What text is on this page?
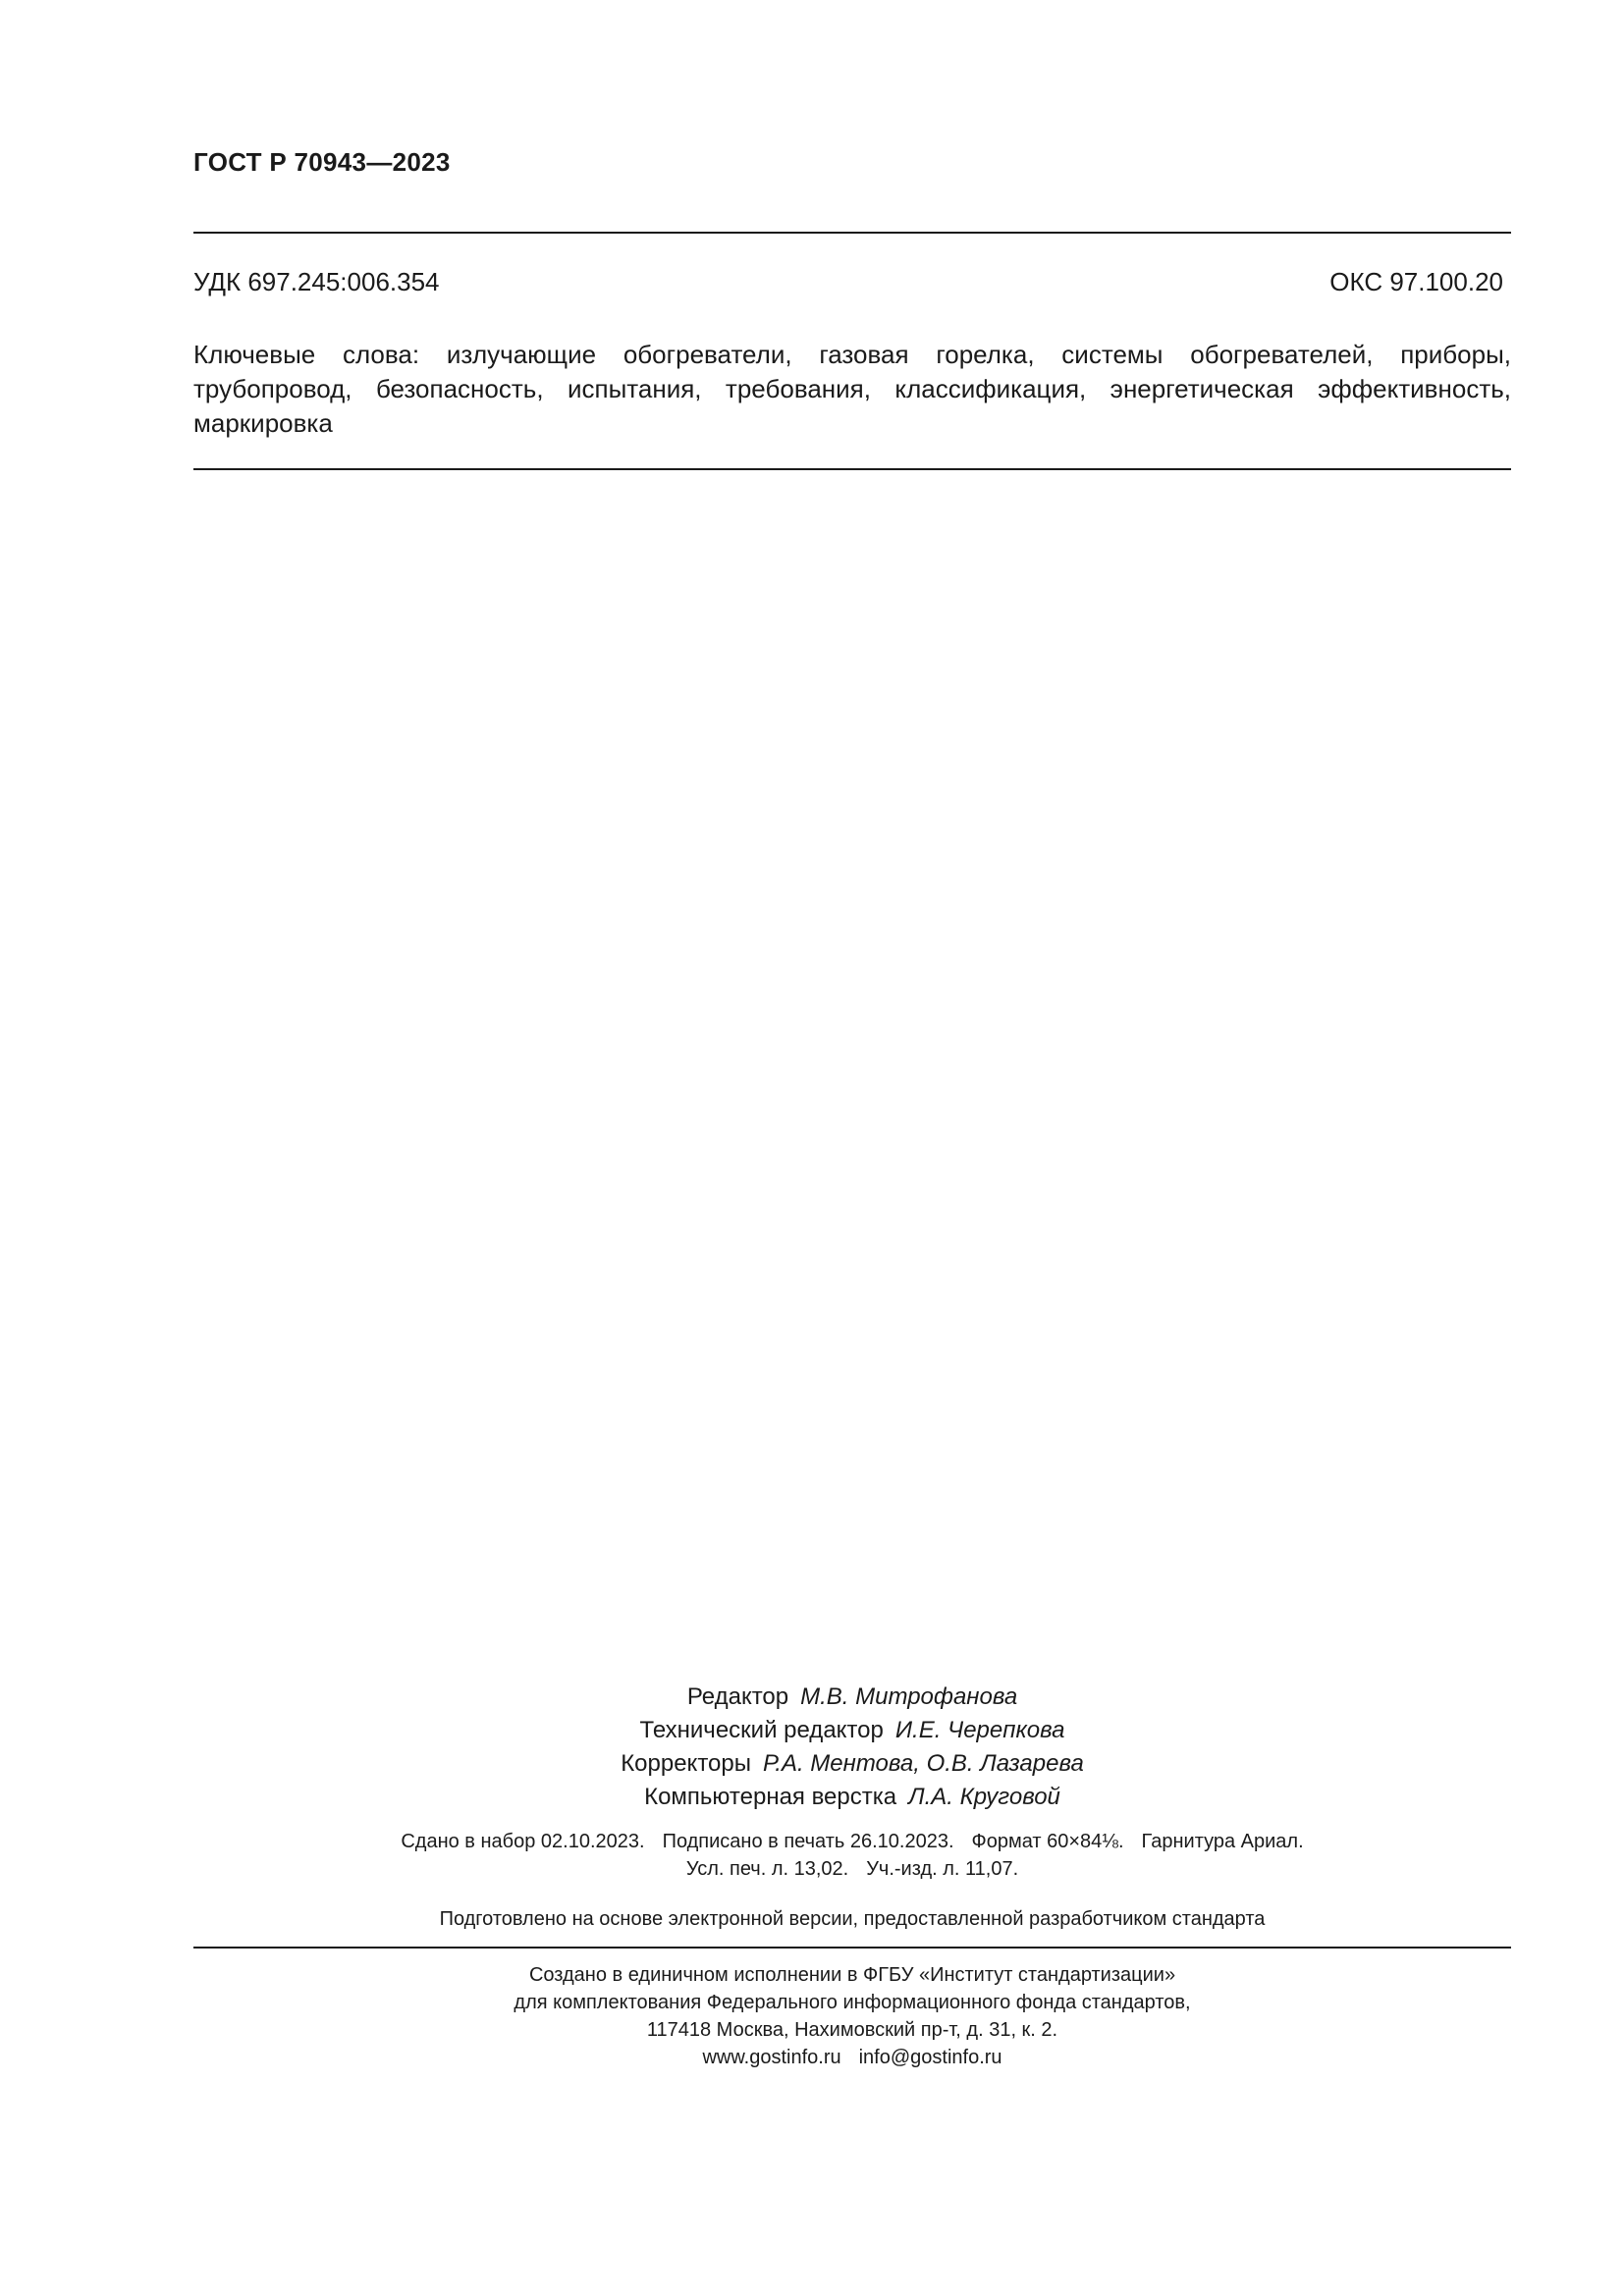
ГОСТ Р 70943—2023
УДК 697.245:006.354	ОКС 97.100.20
Ключевые слова: излучающие обогреватели, газовая горелка, системы обогревателей, приборы, трубопровод, безопасность, испытания, требования, классификация, энергетическая эффективность, маркировка
Редактор М.В. Митрофанова
Технический редактор И.Е. Черепкова
Корректоры Р.А. Ментова, О.В. Лазарева
Компьютерная верстка Л.А. Круговой
Сдано в набор 02.10.2023. Подписано в печать 26.10.2023. Формат 60×84⅛. Гарнитура Ариал.
Усл. печ. л. 13,02. Уч.-изд. л. 11,07.
Подготовлено на основе электронной версии, предоставленной разработчиком стандарта
Создано в единичном исполнении в ФГБУ «Институт стандартизации»
для комплектования Федерального информационного фонда стандартов,
117418 Москва, Нахимовский пр-т, д. 31, к. 2.
www.gostinfo.ru info@gostinfo.ru
